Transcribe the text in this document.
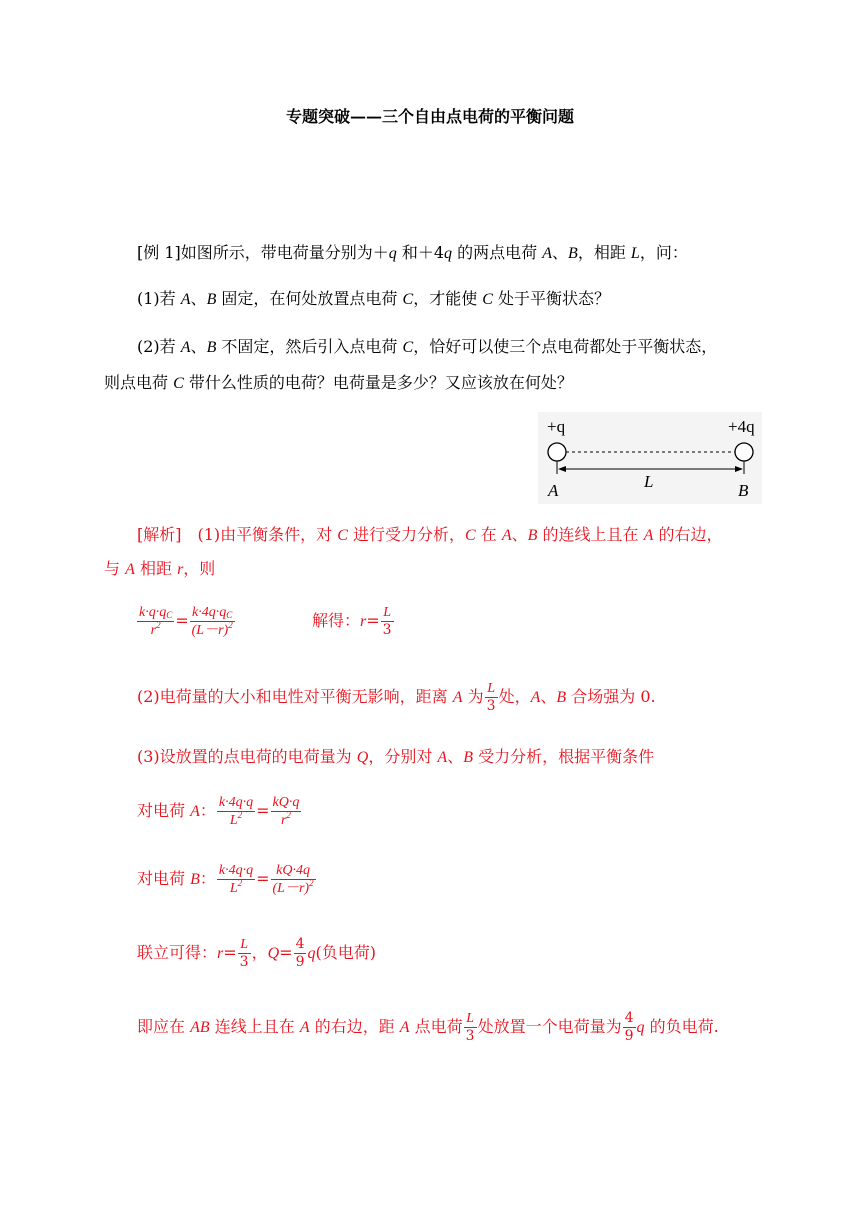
专题突破——三个自由点电荷的平衡问题
[例 1]如图所示，带电荷量分别为＋q 和＋4q 的两点电荷 A、B，相距 L，问：
(1)若 A、B 固定，在何处放置点电荷 C，才能使 C 处于平衡状态？
(2)若 A、B 不固定，然后引入点电荷 C，恰好可以使三个点电荷都处于平衡状态，
则点电荷 C 带什么性质的电荷？电荷量是多少？又应该放在何处？
+q	+4q
A	B
L
[解析]　(1)由平衡条件，对 C 进行受力分析，C 在 A、B 的连线上且在 A 的右边，
与 A 相距 r，则
$\frac{k\cdot q\cdot q_C}{r^2} = \frac{k\cdot 4q\cdot q_C}{(L-r)^2}$	解得：$r= \frac{L}{3}$
(2)电荷量的大小和电性对平衡无影响，距离 A 为 $\frac{L}{3}$ 处，A、B 合场强为 0.
(3)设放置的点电荷的电荷量为 Q，分别对 A、B 受力分析，根据平衡条件
对电荷 A： $\frac{k\cdot 4q\cdot q}{L^2} = \frac{kQ\cdot q}{r^2}$
对电荷 B： $\frac{k\cdot 4q\cdot q}{L^2} = \frac{kQ\cdot 4q}{(L-r)^2}$
联立可得：$r= \frac{L}{3}$ ，$Q= \frac{4}{9} q$(负电荷)
即应在 AB 连线上且在 A 的右边，距 A 点电荷 $\frac{L}{3}$ 处放置一个电荷量为 $\frac{4}{9}$ q 的负电荷.
